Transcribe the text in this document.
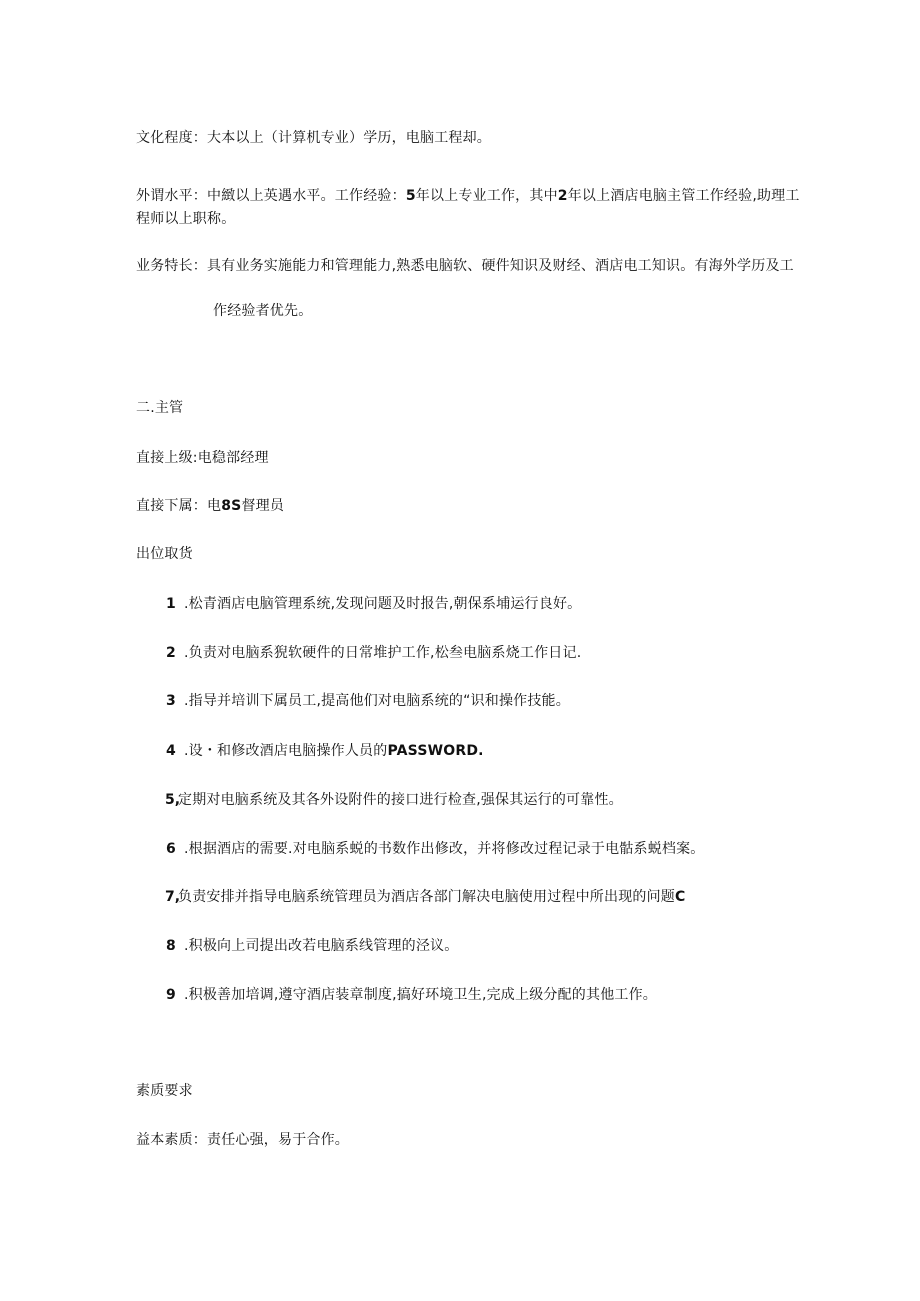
文化程度：大本以上（计算机专业）学历，电脑工程却。
外谓水平：中緻以上英遇水平。工作经验：5年以上专业工作，其中2年以上酒店电脑主管工作经验,助理工
程师以上职称。
业务特长：具有业务实施能力和管理能力,熟悉电脑软、硬件知识及财经、酒店电工知识。有海外学历及工
作经验者优先。
二.主管
直接上级:电稳部经理
直接下属：电8S督理员
出位取货
1 .松青酒店电脑管理系统,发现问题及时报告,朝保系埔运行良好。
2 .负责对电脑系猊软硬件的日常堆护工作,松叁电脑系烧工作日记.
3 .指导并培训下属员工,提高他们对电脑系统的“识和操作技能。
4 .设・和修改酒店电脑操作人员的PASSWORD.
5,
定期对电脑系统及其各外设附件的接口进行检查,强保其运行的可靠性。
6 .根据酒店的需要.对电脑系蜕的书数作出修改，并将修改过程记录于电骷系蜕档案。
7,
负责安排并指导电脑系统管理员为酒店各部门解决电脑使用过程中所出现的问题C
8 .积极向上司提出改若电脑系线管理的泾议。
9 .积极善加培调,遵守酒店装章制度,搞好环境卫生,完成上级分配的其他工作。
素质要求
益本素质：责任心强，易于合作。
